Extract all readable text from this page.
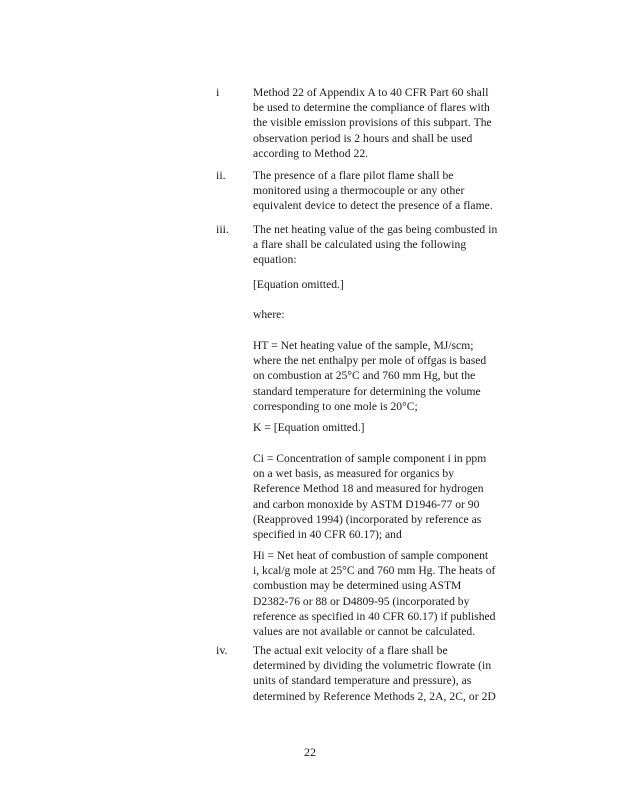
i	Method 22 of Appendix A to 40 CFR Part 60 shall
be used to determine the compliance of flares with
the visible emission provisions of this subpart. The
observation period is 2 hours and shall be used
according to Method 22.
ii. The presence of a flare pilot flame shall be
monitored using a thermocouple or any other
equivalent device to detect the presence of a flame.
iii. The net heating value of the gas being combusted in
a flare shall be calculated using the following
equation:
[Equation omitted.]
where:
HT = Net heating value of the sample, MJ/scm;
where the net enthalpy per mole of offgas is based
on combustion at 25°C and 760 mm Hg, but the
standard temperature for determining the volume
corresponding to one mole is 20°C;
K = [Equation omitted.]
Ci = Concentration of sample component i in ppm
on a wet basis, as measured for organics by
Reference Method 18 and measured for hydrogen
and carbon monoxide by ASTM D1946-77 or 90
(Reapproved 1994) (incorporated by reference as
specified in 40 CFR 60.17); and
Hi = Net heat of combustion of sample component
i, kcal/g mole at 25°C and 760 mm Hg. The heats of
combustion may be determined using ASTM
D2382-76 or 88 or D4809-95 (incorporated by
reference as specified in 40 CFR 60.17) if published
values are not available or cannot be calculated.
iv. The actual exit velocity of a flare shall be
determined by dividing the volumetric flowrate (in
units of standard temperature and pressure), as
determined by Reference Methods 2, 2A, 2C, or 2D
22
